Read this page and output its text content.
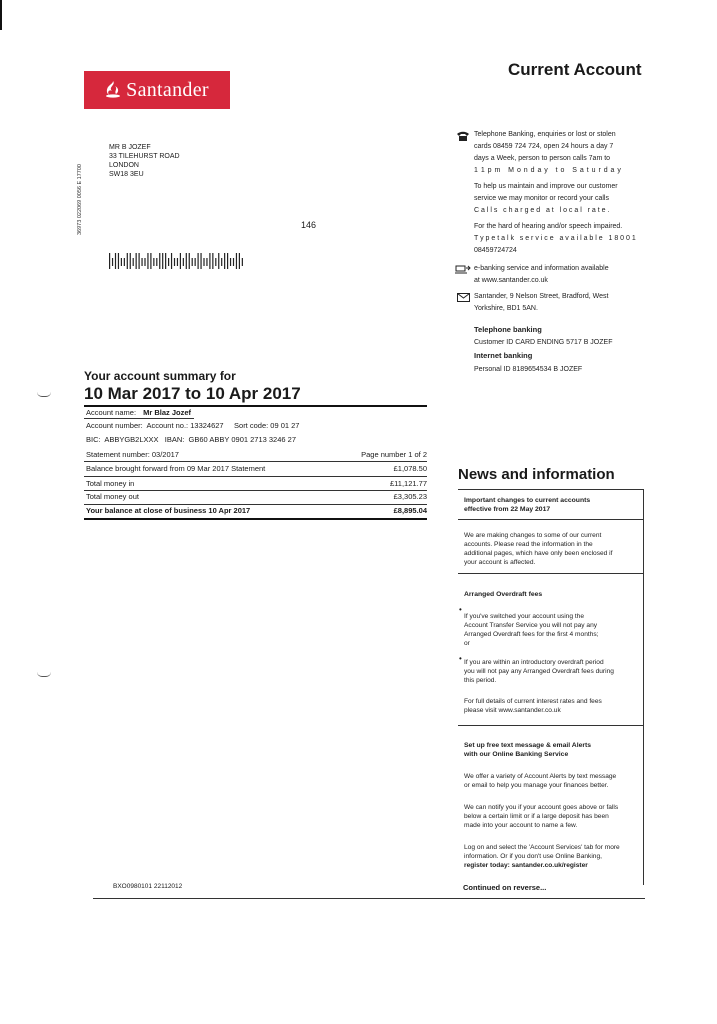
Santander
Current Account
36973 022069 0056 E 17700
MR B JOZEF
33 TILEHURST ROAD
LONDON
SW18 3EU
146
Telephone Banking, enquiries or lost or stolen
cards 08459 724 724, open 24 hours a day 7
days a Week, person to person calls 7am to
1 1 p m   M o n d a y   t o   S a t u r d a y
To help us maintain and improve our customer
service we may monitor or record your calls
C a l l s   c h a r g e d   a t   l o c a l   r a t e .
For the hard of hearing and/or speech impaired.
T y p e t a l k   s e r v i c e   a v a i l a b l e   1 8 0 0 1
08459724724
e-banking service and information available
at www.santander.co.uk
Santander, 9 Nelson Street, Bradford, West
Yorkshire, BD1 5AN.
Telephone banking
Customer ID CARD ENDING 5717 B JOZEF
Internet banking
Personal ID 8189654534 B JOZEF
Your account summary for
10 Mar 2017 to 10 Apr 2017
Account name: Mr Blaz Jozef
Account number:  Account no.: 13324627     Sort code: 09 01 27
BIC:  ABBYGB2LXXX   IBAN:  GB60 ABBY 0901 2713 3246 27
Statement number: 03/2017	Page number 1 of 2
Balance brought forward from 09 Mar 2017 Statement	£1,078.50
Total money in	£11,121.77
Total money out	£3,305.23
Your balance at close of business 10 Apr 2017	£8,895.04
News and information
Important changes to current accounts
effective from 22 May 2017
We are making changes to some of our current
accounts. Please read the information in the
additional pages, which have only been enclosed if
your account is affected.
Arranged Overdraft fees
•
If you've switched your account using the
Account Transfer Service you will not pay any
Arranged Overdraft fees for the first 4 months;
or
• If you are within an introductory overdraft period
you will not pay any Arranged Overdraft fees during
this period.
For full details of current interest rates and fees
please visit www.santander.co.uk
Set up free text message & email Alerts
with our Online Banking Service
We offer a variety of Account Alerts by text message
or email to help you manage your finances better.
We can notify you if your account goes above or falls
below a certain limit or if a large deposit has been
made into your account to name a few.
Log on and select the 'Account Services' tab for more
information. Or if you don't use Online Banking,
register today: santander.co.uk/register
BXO0980101 22112012	Continued on reverse...
